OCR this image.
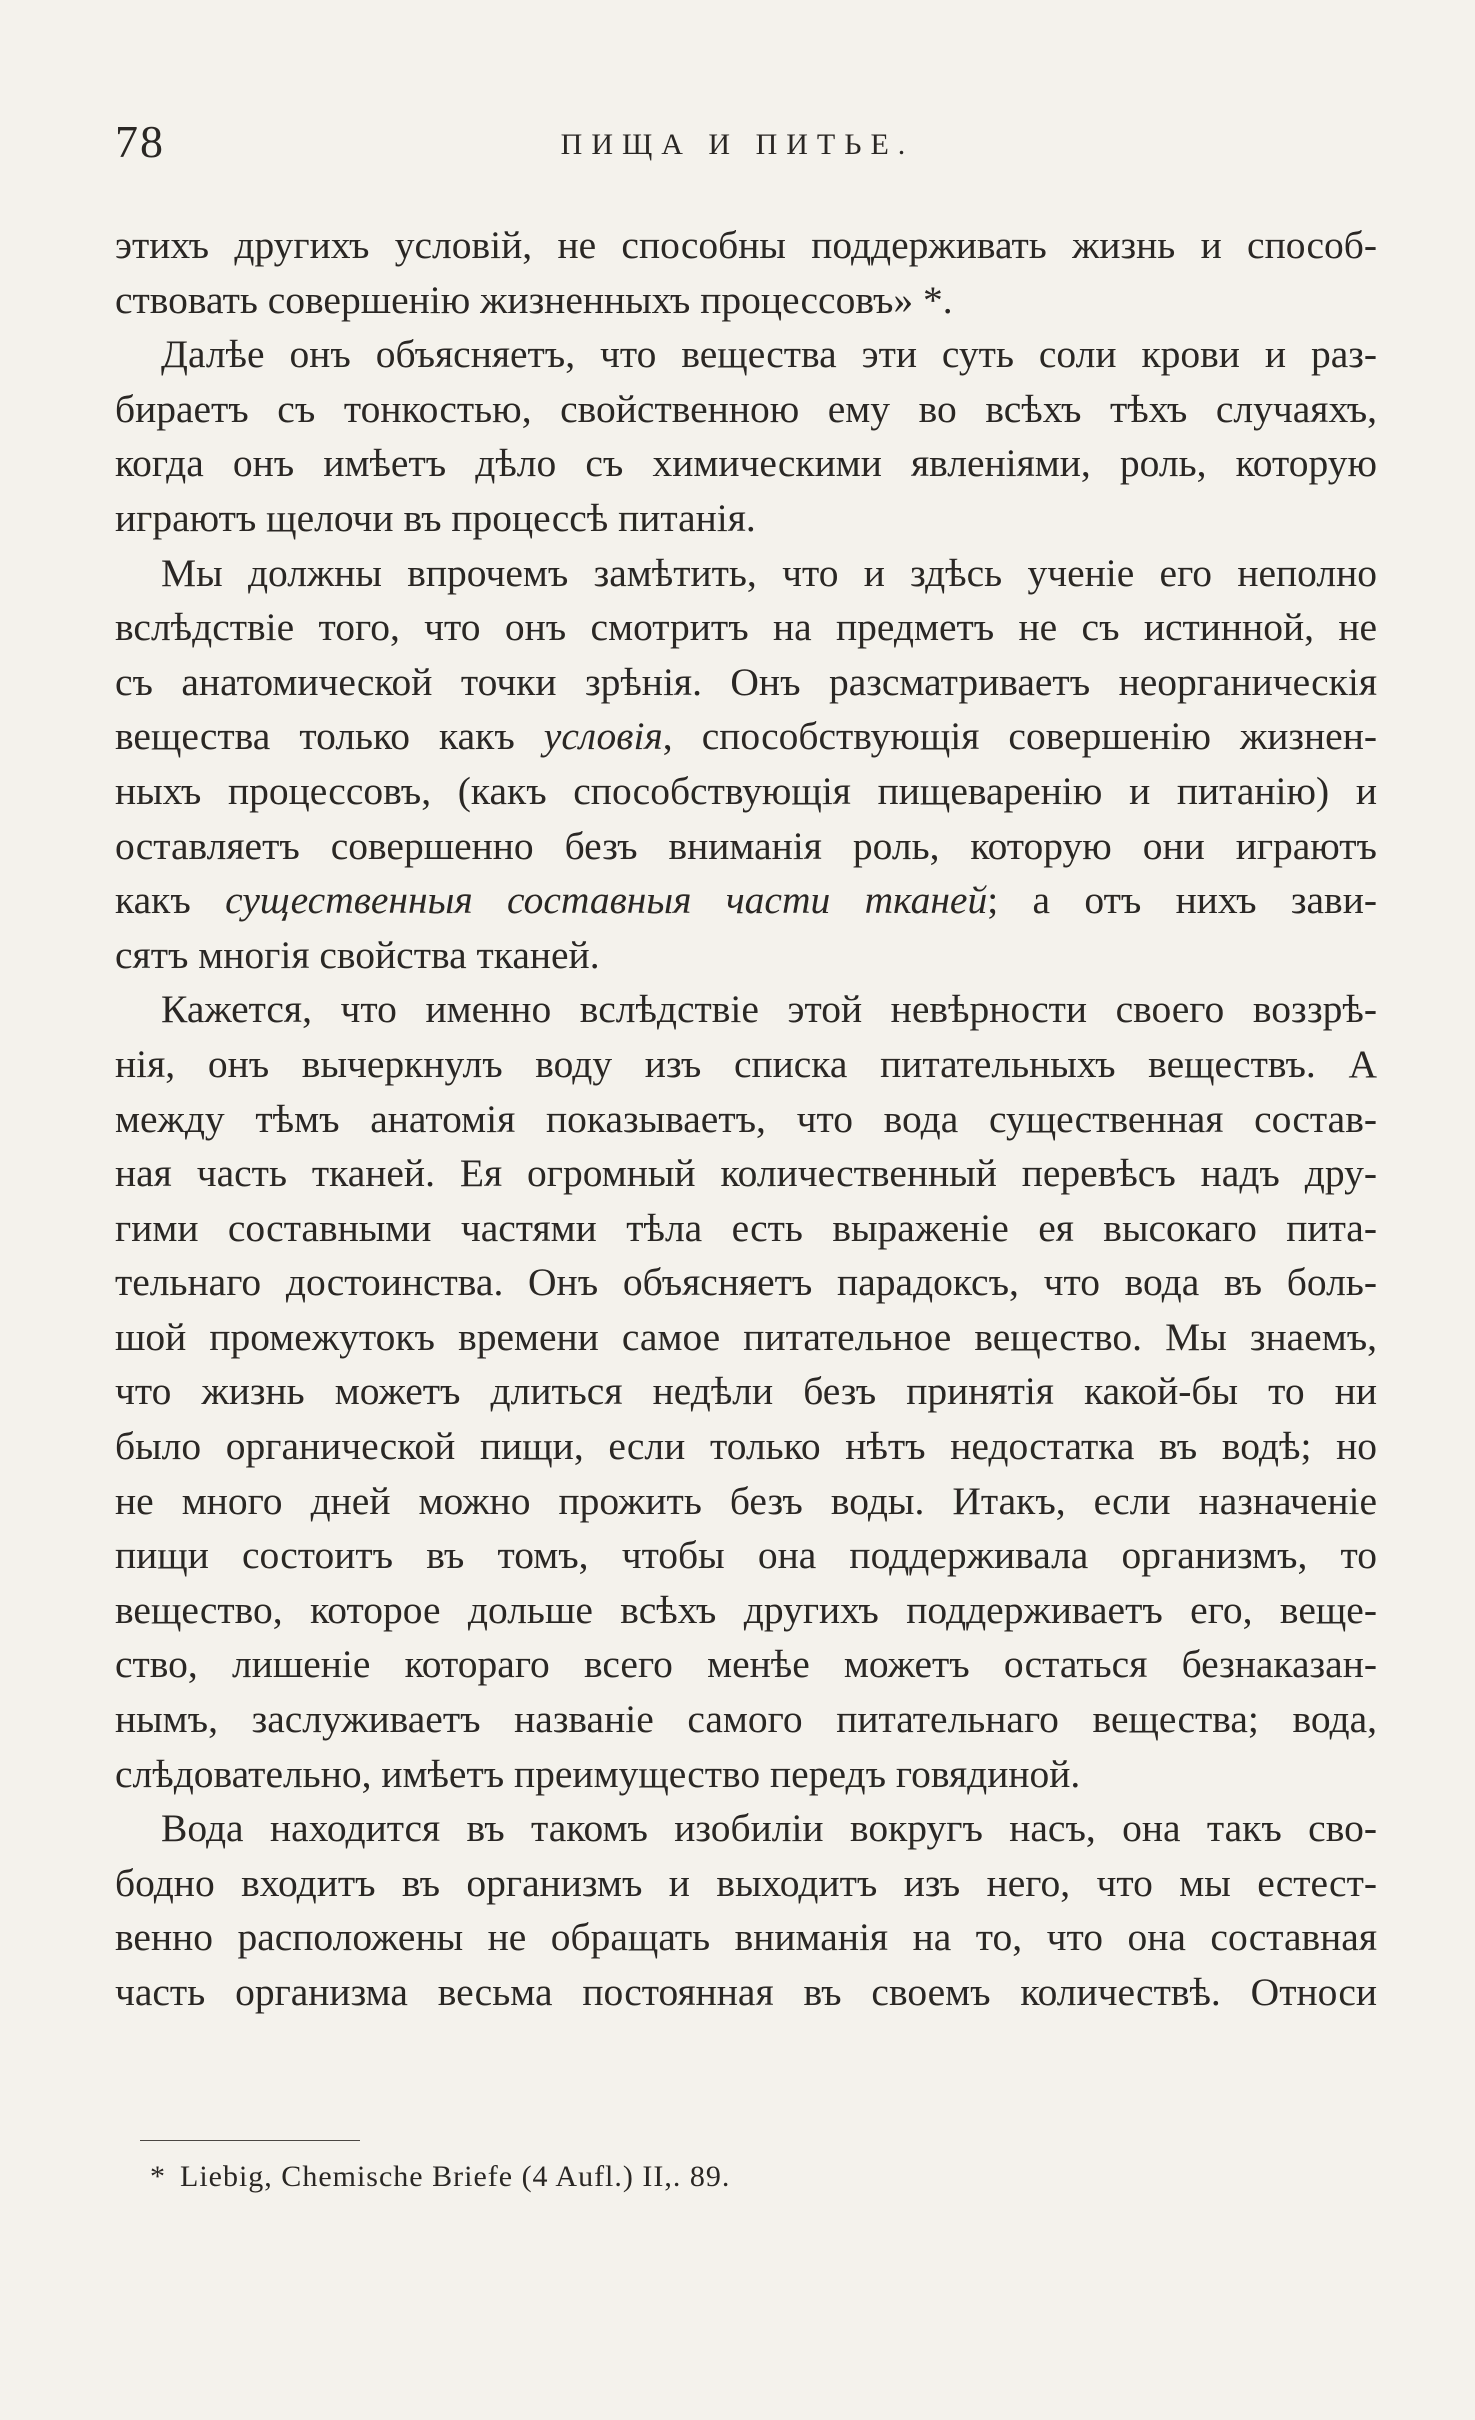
78	ПИЩА И ПИТЬЕ.
этихъ другихъ условій, не способны поддерживать жизнь и способ-
ствовать совершенію жизненныхъ процессовъ» *.
Далѣе онъ объясняетъ, что вещества эти суть соли крови и раз-
бираетъ съ тонкостью, свойственною ему во всѣхъ тѣхъ случаяхъ,
когда онъ имѣетъ дѣло съ химическими явленіями, роль, которую
играютъ щелочи въ процессѣ питанія.
Мы должны впрочемъ замѣтить, что и здѣсь ученіе его неполно
вслѣдствіе того, что онъ смотритъ на предметъ не съ истинной, не
съ анатомической точки зрѣнія. Онъ разсматриваетъ неорганическія
вещества только какъ условія, способствующія совершенію жизнен-
ныхъ процессовъ, (какъ способствующія пищеваренію и питанію) и
оставляетъ совершенно безъ вниманія роль, которую они играютъ
какъ существенныя составныя части тканей; а отъ нихъ зави-
сятъ многія свойства тканей.
Кажется, что именно вслѣдствіе этой невѣрности своего воззрѣ-
нія, онъ вычеркнулъ воду изъ списка питательныхъ веществъ. А
между тѣмъ анатомія показываетъ, что вода существенная состав-
ная часть тканей. Ея огромный количественный перевѣсъ надъ дру-
гими составными частями тѣла есть выраженіе ея высокаго пита-
тельнаго достоинства. Онъ объясняетъ парадоксъ, что вода въ боль-
шой промежутокъ времени самое питательное вещество. Мы знаемъ,
что жизнь можетъ длиться недѣли безъ принятія какой-бы то ни
было органической пищи, если только нѣтъ недостатка въ водѣ; но
не много дней можно прожить безъ воды. Итакъ, если назначеніе
пищи состоитъ въ томъ, чтобы она поддерживала организмъ, то
вещество, которое дольше всѣхъ другихъ поддерживаетъ его, веще-
ство, лишеніе котораго всего менѣе можетъ остаться безнаказан-
нымъ, заслуживаетъ названіе самого питательнаго вещества; вода,
слѣдовательно, имѣетъ преимущество передъ говядиной.
Вода находится въ такомъ изобиліи вокругъ насъ, она такъ сво-
бодно входитъ въ организмъ и выходитъ изъ него, что мы естест-
венно расположены не обращать вниманія на то, что она составная
часть организма весьма постоянная въ своемъ количествѣ. Относи
* Liebig, Chemische Briefe (4 Aufl.) II,. 89.
